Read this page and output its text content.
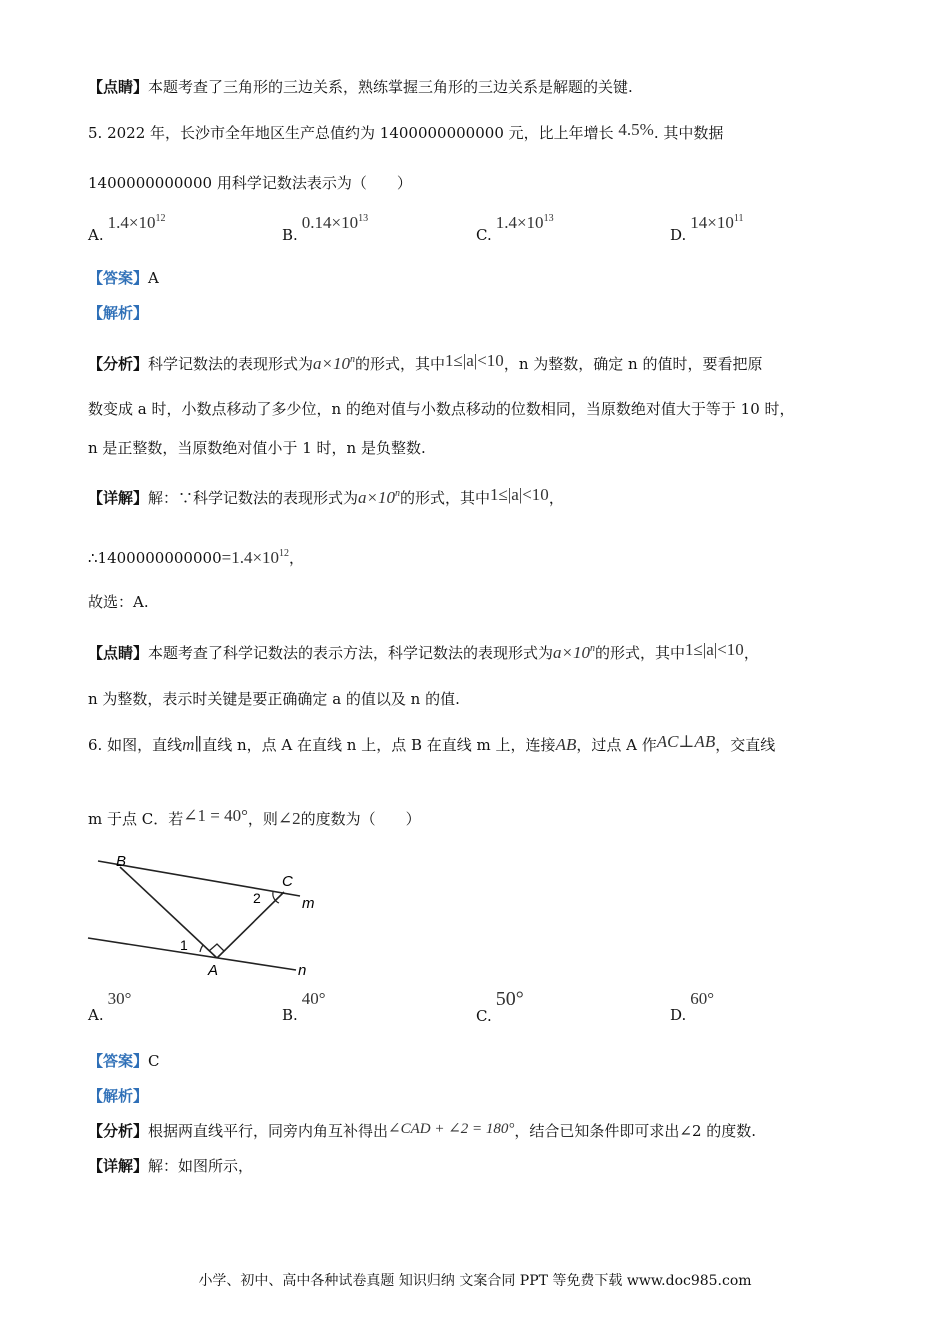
【点睛】本题考查了三角形的三边关系，熟练掌握三角形的三边关系是解题的关键.
5. 2022 年，长沙市全年地区生产总值约为 1400000000000 元，比上年增长 4.5%. 其中数据
1400000000000 用科学记数法表示为（　　）
$A.1.4\times 10^{12}$
$B.0.14\times 10^{13}$
$C.1.4\times 10^{13}$
$D.14\times 10^{11}$
【答案】A
【解析】
【分析】科学记数法的表现形式为$a\times 10^n$的形式，其中1≤|a|<10，n 为整数，确定 n 的值时，要看把原
数变成 a 时，小数点移动了多少位，n 的绝对值与小数点移动的位数相同，当原数绝对值大于等于 10 时，
n 是正整数，当原数绝对值小于 1 时，n 是负整数.
【详解】解：∵科学记数法的表现形式为$a\times 10^n$的形式，其中1≤|a|<10，
$\therefore 1400000000000=1.4\times 10^{12}$，
故选：A.
【点睛】本题考查了科学记数法的表示方法，科学记数法的表现形式为$a\times 10^n$的形式，其中1≤|a|<10，
n 为整数，表示时关键是要正确确定 a 的值以及 n 的值.
6. 如图，直线m∥直线 n，点 A 在直线 n 上，点 B 在直线 m 上，连接AB，过点 A 作AC⊥AB，交直线
m 于点 C．若∠1 = 40°，则∠2的度数为（　　）
B
C
m
2
1
A	n
A.30°
B.40°
C.50°
D.60°
【答案】C
【解析】
【分析】根据两直线平行，同旁内角互补得出∠CAD + ∠2 = 180°，结合已知条件即可求出∠2 的度数.
【详解】解：如图所示，
小学、初中、高中各种试卷真题 知识归纳 文案合同 PPT 等免费下载 www.doc985.com
